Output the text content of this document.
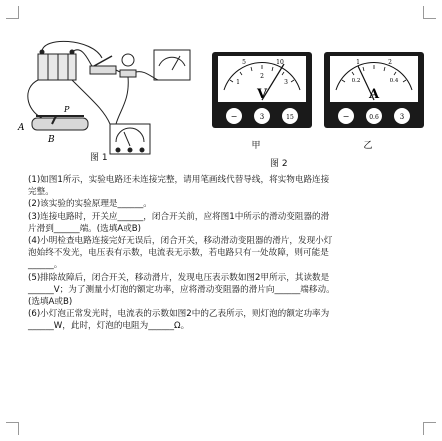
A
B
P
图 1
5	10
1
2
3
V
−	3	15
甲
1	2
0.2	0.4
A
−	0.6	3
乙
图 2

(1)如图1所示，实验电路还未连接完整，请用笔画线代替导线，将实物电路连接

完整。

(2)该实验的实验原理是______。

(3)连接电路时，开关应______，闭合开关前，应将图1中所示的滑动变阻器的滑

片滑到______端。(选填A或B)

(4)小明检查电路连接完好无误后，闭合开关，移动滑动变阻器的滑片，发现小灯

泡始终不发光，电压表有示数，电流表无示数，若电路只有一处故障，则可能是

______。

(5)排除故障后，闭合开关，移动滑片，发现电压表示数如图2甲所示，其读数是

______V；为了测量小灯泡的额定功率，应将滑动变阻器的滑片向______端移动。

(选填A或B)

(6)小灯泡正常发光时，电流表的示数如图2中的乙表所示，则灯泡的额定功率为

______W，此时，灯泡的电阻为______Ω。
